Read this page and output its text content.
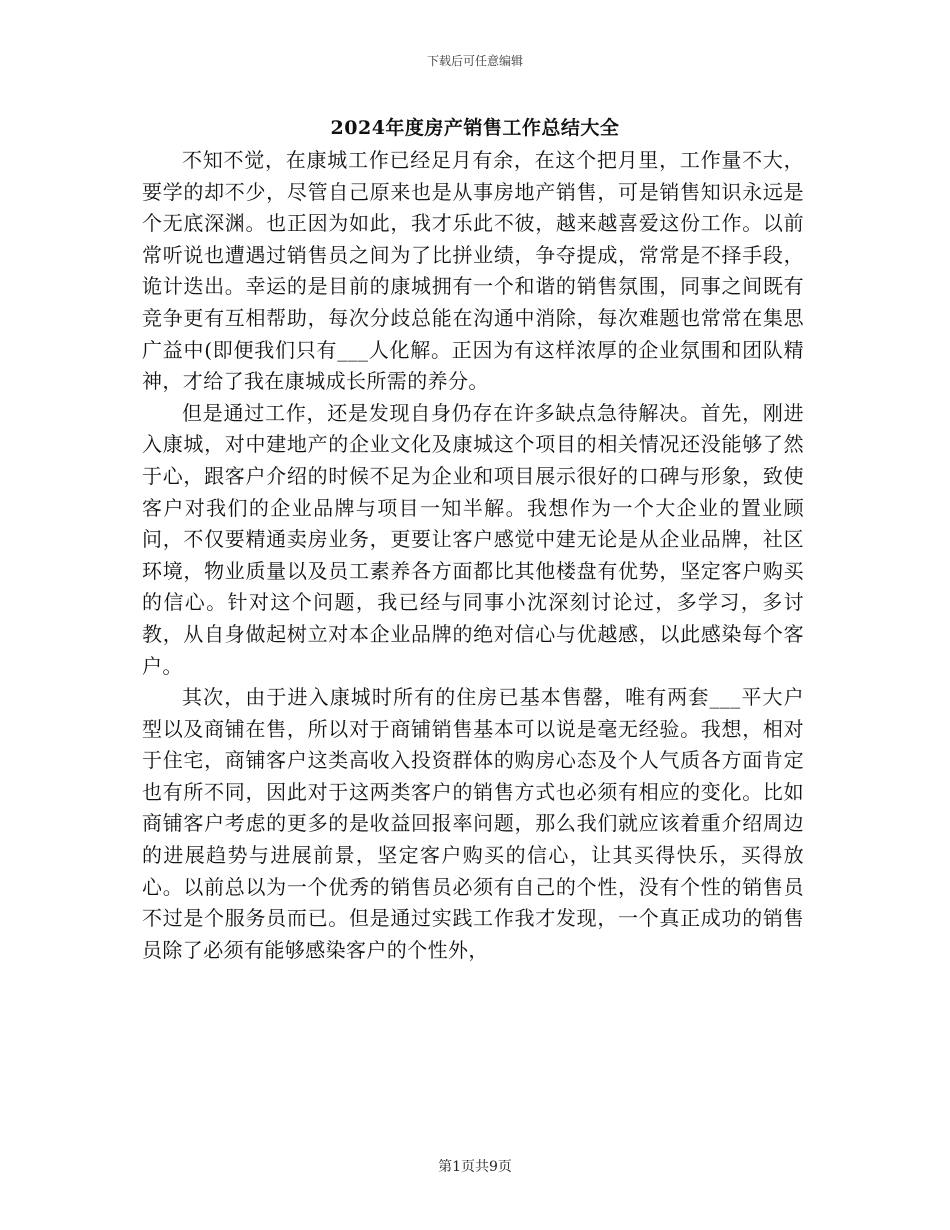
下载后可任意编辑
2024年度房产销售工作总结大全

不知不觉，在康城工作已经足月有余，在这个把月里，工作量不大，要学的却不少，尽管自己原来也是从事房地产销售，可是销售知识永远是个无底深渊。也正因为如此，我才乐此不彼，越来越喜爱这份工作。以前常听说也遭遇过销售员之间为了比拼业绩，争夺提成，常常是不择手段，诡计迭出。幸运的是目前的康城拥有一个和谐的销售氛围，同事之间既有竞争更有互相帮助，每次分歧总能在沟通中消除，每次难题也常常在集思广益中(即便我们只有___人化解。正因为有这样浓厚的企业氛围和团队精神，才给了我在康城成长所需的养分。

但是通过工作，还是发现自身仍存在许多缺点急待解决。首先，刚进入康城，对中建地产的企业文化及康城这个项目的相关情况还没能够了然于心，跟客户介绍的时候不足为企业和项目展示很好的口碑与形象，致使客户对我们的企业品牌与项目一知半解。我想作为一个大企业的置业顾问，不仅要精通卖房业务，更要让客户感觉中建无论是从企业品牌，社区环境，物业质量以及员工素养各方面都比其他楼盘有优势，坚定客户购买的信心。针对这个问题，我已经与同事小沈深刻讨论过，多学习，多讨教，从自身做起树立对本企业品牌的绝对信心与优越感，以此感染每个客户。

其次，由于进入康城时所有的住房已基本售罄，唯有两套___平大户型以及商铺在售，所以对于商铺销售基本可以说是毫无经验。我想，相对于住宅，商铺客户这类高收入投资群体的购房心态及个人气质各方面肯定也有所不同，因此对于这两类客户的销售方式也必须有相应的变化。比如商铺客户考虑的更多的是收益回报率问题，那么我们就应该着重介绍周边的进展趋势与进展前景，坚定客户购买的信心，让其买得快乐，买得放心。以前总以为一个优秀的销售员必须有自己的个性，没有个性的销售员不过是个服务员而已。但是通过实践工作我才发现，一个真正成功的销售员除了必须有能够感染客户的个性外，

第1页共9页
